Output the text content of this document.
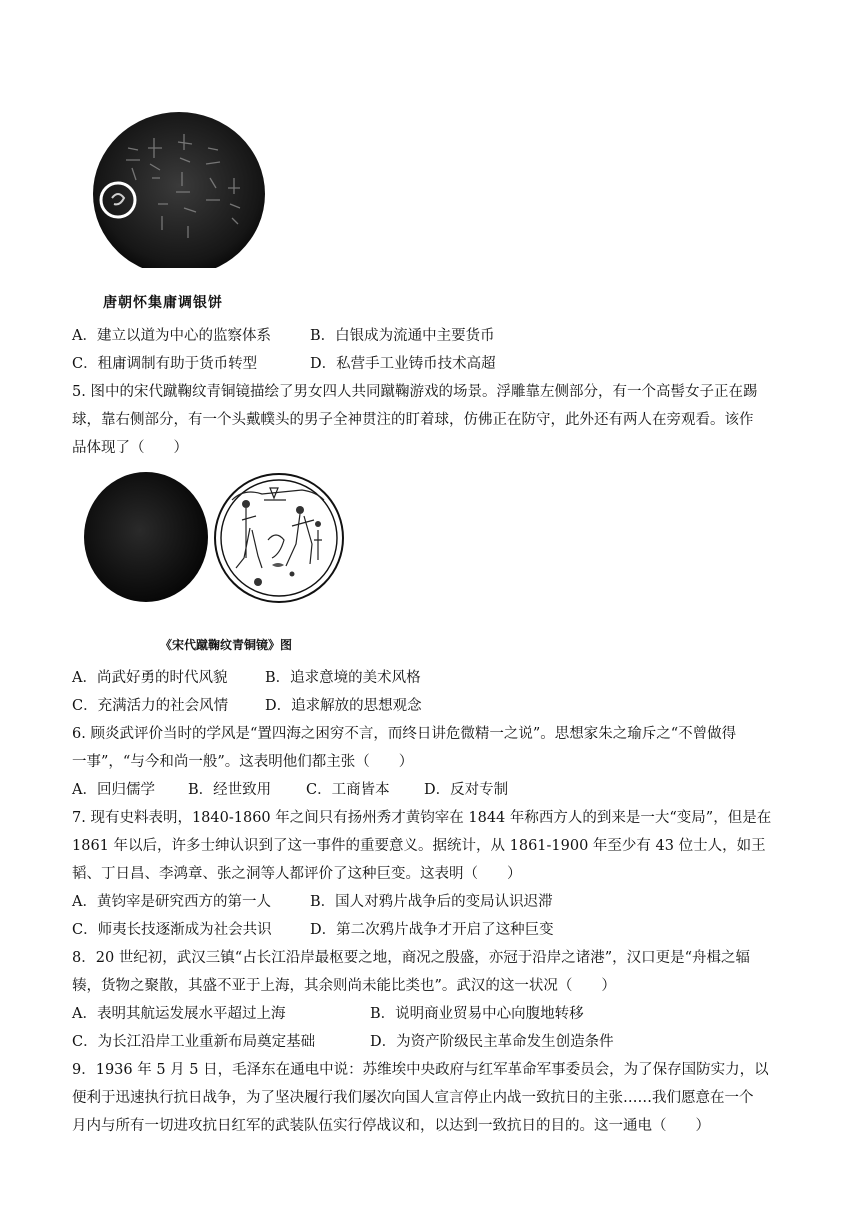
唐朝怀集庸调银饼
A．建立以道为中心的监察体系	B．白银成为流通中主要货币
C．租庸调制有助于货币转型	D．私营手工业铸币技术高超
5. 图中的宋代蹴鞠纹青铜镜描绘了男女四人共同蹴鞠游戏的场景。浮雕靠左侧部分，有一个高髻女子正在踢
球，靠右侧部分，有一个头戴幞头的男子全神贯注的盯着球，仿佛正在防守，此外还有两人在旁观看。该作
品体现了（　　）
《宋代蹴鞠纹青铜镜》图
A．尚武好勇的时代风貌	B．追求意境的美术风格
C．充满活力的社会风情	D．追求解放的思想观念
6. 顾炎武评价当时的学风是“置四海之困穷不言，而终日讲危微精一之说”。思想家朱之瑜斥之“不曾做得
一事”，“与今和尚一般”。这表明他们都主张（　　）
A．回归儒学 B．经世致用 C．工商皆本 D．反对专制
7. 现有史料表明，1840-1860 年之间只有扬州秀才黄钧宰在 1844 年称西方人的到来是一大“变局”，但是在
1861 年以后，许多士绅认识到了这一事件的重要意义。据统计，从 1861-1900 年至少有 43 位士人，如王
韬、丁日昌、李鸿章、张之洞等人都评价了这种巨变。这表明（　　）
A．黄钧宰是研究西方的第一人	B．国人对鸦片战争后的变局认识迟滞
C．师夷长技逐渐成为社会共识	D．第二次鸦片战争才开启了这种巨变
8．20 世纪初，武汉三镇“占长江沿岸最枢要之地，商况之殷盛，亦冠于沿岸之诸港”，汉口更是“舟楫之辐
辏，货物之聚散，其盛不亚于上海，其余则尚未能比类也”。武汉的这一状况（　　）
A．表明其航运发展水平超过上海	B．说明商业贸易中心向腹地转移
C．为长江沿岸工业重新布局奠定基础	D．为资产阶级民主革命发生创造条件
9．1936 年 5 月 5 日，毛泽东在通电中说：苏维埃中央政府与红军革命军事委员会，为了保存国防实力，以
便利于迅速执行抗日战争，为了坚决履行我们屡次向国人宣言停止内战一致抗日的主张……我们愿意在一个
月内与所有一切进攻抗日红军的武装队伍实行停战议和，以达到一致抗日的目的。这一通电（　　）
